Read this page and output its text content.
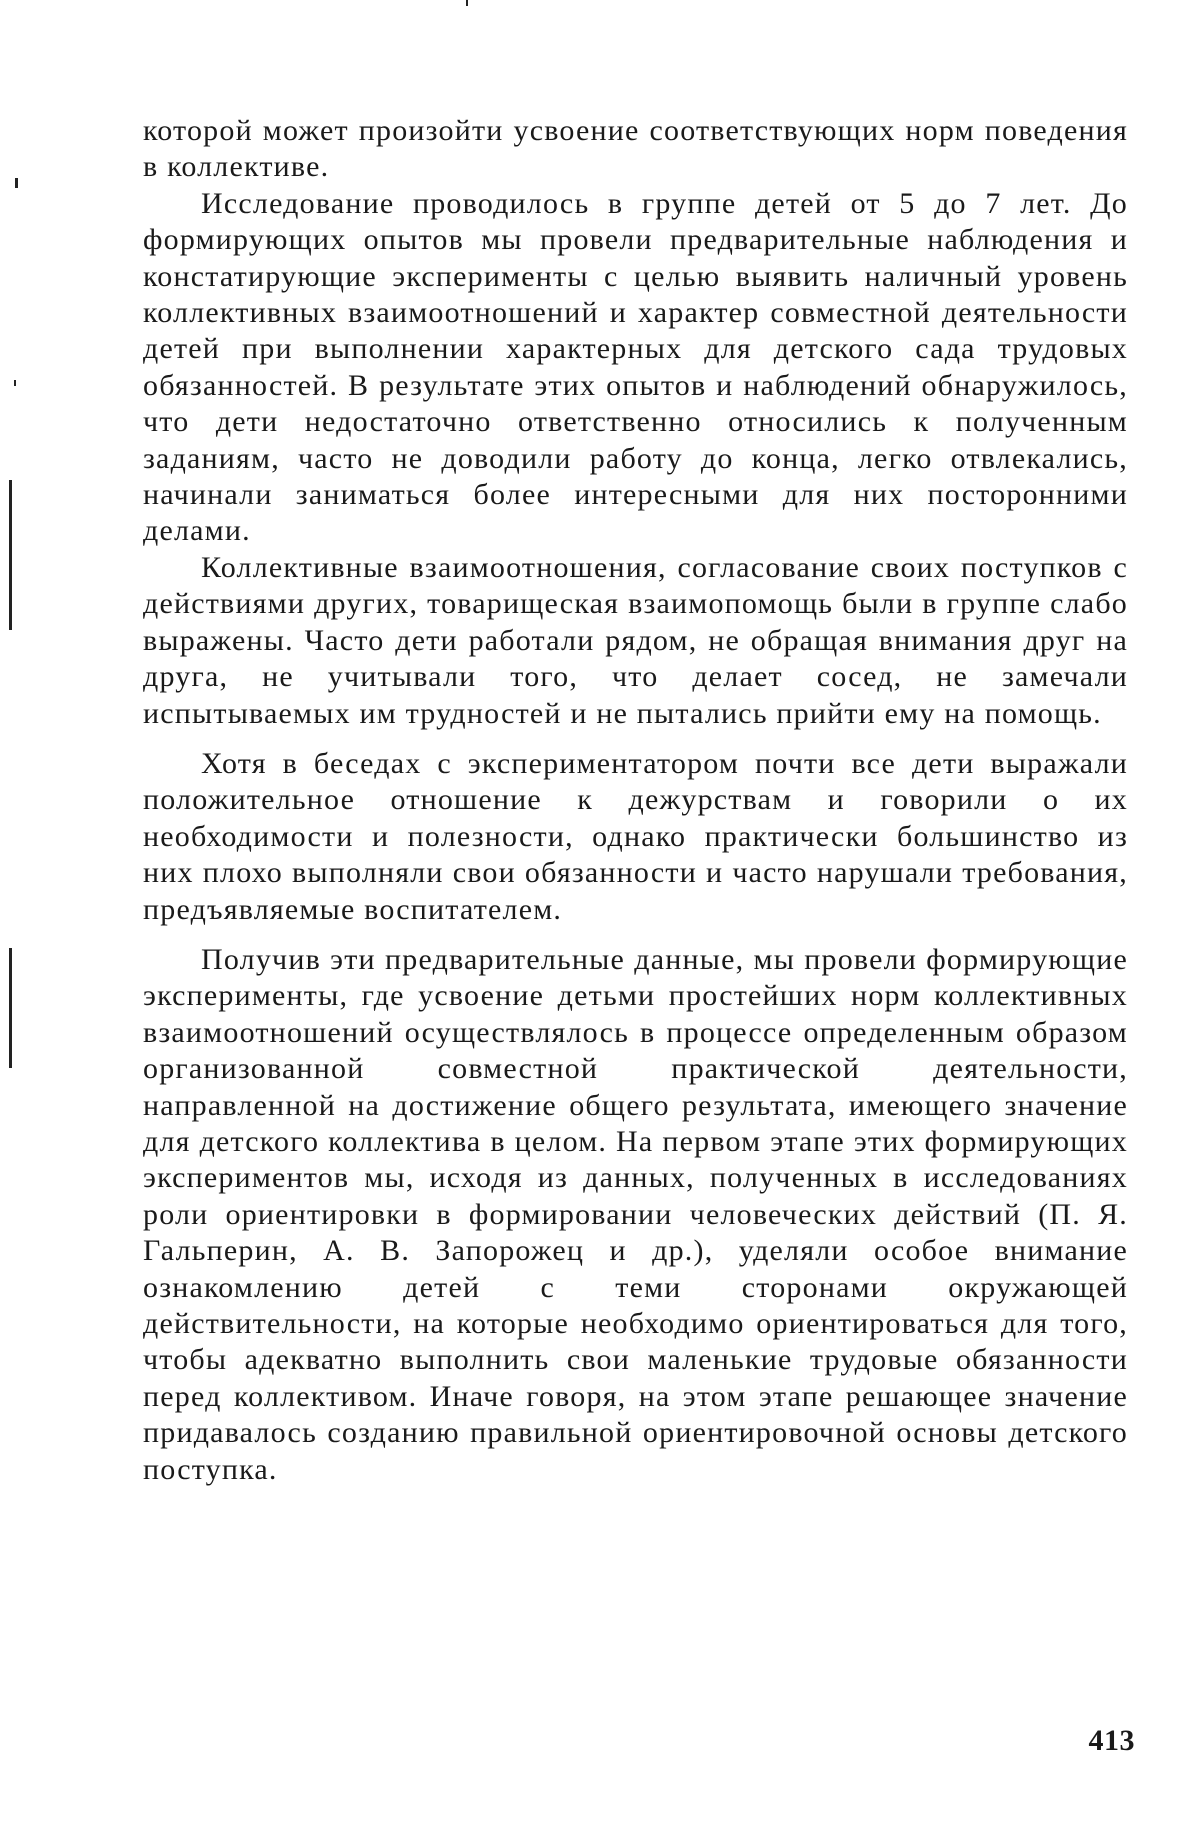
которой может произойти усвоение соответствующих норм поведения в коллективе.

Исследование проводилось в группе детей от 5 до 7 лет. До формирующих опытов мы провели предварительные наблюдения и констатирующие эксперименты с целью выявить наличный уровень коллективных взаимоотношений и характер совместной деятельности детей при выполнении характерных для детского сада трудовых обязанностей. В результате этих опытов и наблюдений обнаружилось, что дети недостаточно ответственно относились к полученным заданиям, часто не доводили работу до конца, легко отвлекались, начинали заниматься более интересными для них посторонними делами.

Коллективные взаимоотношения, согласование своих поступков с действиями других, товарищеская взаимопомощь были в группе слабо выражены. Часто дети работали рядом, не обращая внимания друг на друга, не учитывали того, что делает сосед, не замечали испытываемых им трудностей и не пытались прийти ему на помощь.

Хотя в беседах с экспериментатором почти все дети выражали положительное отношение к дежурствам и говорили о их необходимости и полезности, однако практически большинство из них плохо выполняли свои обязанности и часто нарушали требования, предъявляемые воспитателем.

Получив эти предварительные данные, мы провели формирующие эксперименты, где усвоение детьми простейших норм коллективных взаимоотношений осуществлялось в процессе определенным образом организованной совместной практической деятельности, направленной на достижение общего результата, имеющего значение для детского коллектива в целом. На первом этапе этих формирующих экспериментов мы, исходя из данных, полученных в исследованиях роли ориентировки в формировании человеческих действий (П. Я. Гальперин, А. В. Запорожец и др.), уделяли особое внимание ознакомлению детей с теми сторонами окружающей действительности, на которые необходимо ориентироваться для того, чтобы адекватно выполнить свои маленькие трудовые обязанности перед коллективом. Иначе говоря, на этом этапе решающее значение придавалось созданию правильной ориентировочной основы детского поступка.

413
